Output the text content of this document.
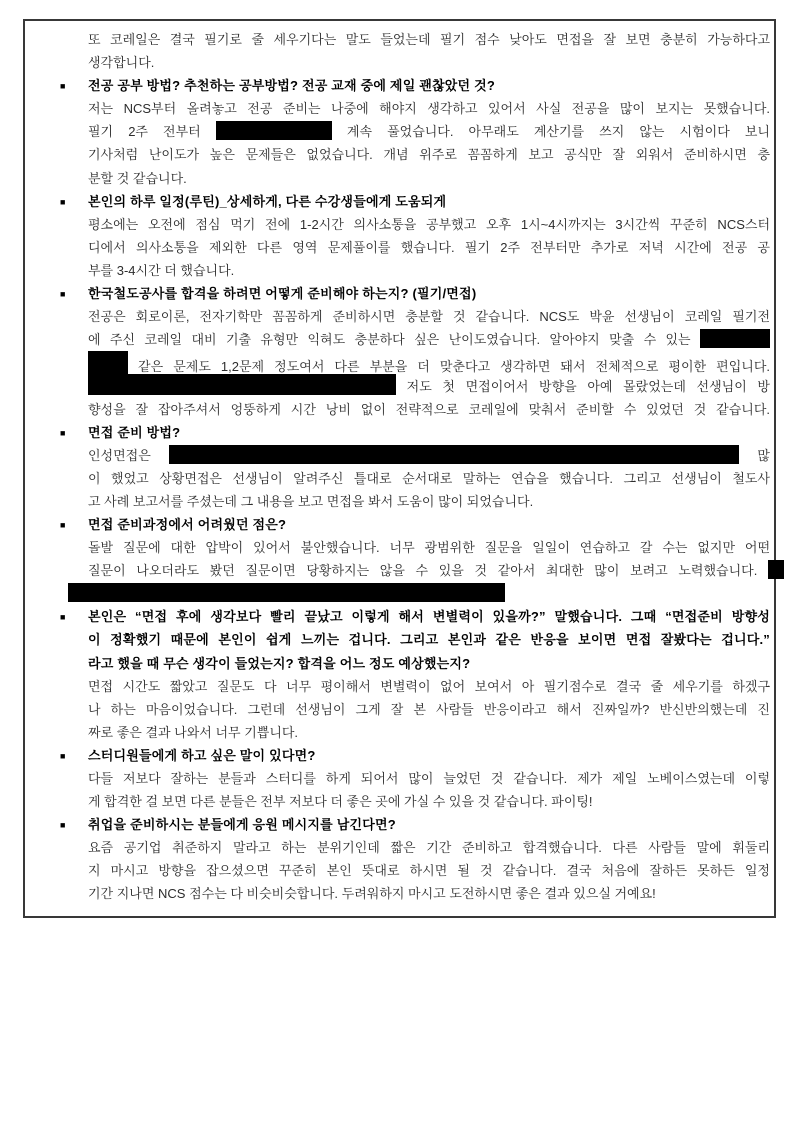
또 코레일은 결국 필기로 줄 세우기다는 말도 들었는데 필기 점수 낮아도 면접을 잘 보면 충분히 가능하다고
생각합니다.
■ 전공 공부 방법? 추천하는 공부방법? 전공 교재 중에 제일 괜찮았던 것?
저는 NCS부터 올려놓고 전공 준비는 나중에 해야지 생각하고 있어서 사실 전공을 많이 보지는 못했습니다.
필기 2주 전부터	계속 풀었습니다. 아무래도 계산기를 쓰지 않는 시험이다 보니
기사처럼 난이도가 높은 문제들은 없었습니다. 개념 위주로 꼼꼼하게 보고 공식만 잘 외워서 준비하시면 충
분할 것 같습니다.
■ 본인의 하루 일정(루틴)_상세하게, 다른 수강생들에게 도움되게
평소에는 오전에 점심 먹기 전에 1-2시간 의사소통을 공부했고 오후 1시~4시까지는 3시간씩 꾸준히 NCS스터
디에서 의사소통을 제외한 다른 영역 문제풀이를 했습니다. 필기 2주 전부터만 추가로 저녁 시간에 전공 공
부를 3-4시간 더 했습니다.
■ 한국철도공사를 합격을 하려면 어떻게 준비해야 하는지? (필기/면접)
전공은 회로이론, 전자기학만 꼼꼼하게 준비하시면 충분할 것 같습니다. NCS도 박윤 선생님이 코레일 필기전
에 주신 코레일 대비 기출 유형만 익혀도 충분하다 싶은 난이도였습니다. 알아야지 맞출 수 있는
같은 문제도 1,2문제 정도여서 다른 부분을 더 맞춘다고 생각하면 돼서 전체적으로 평이한 편입니다.
저도 첫 면접이어서 방향을 아예 몰랐었는데 선생님이 방
향성을 잘 잡아주셔서 엉뚱하게 시간 낭비 없이 전략적으로 코레일에 맞춰서 준비할 수 있었던 것 같습니다.
■ 면접 준비 방법?
인성면접은	많
이 했었고 상황면접은 선생님이 알려주신 틀대로 순서대로 말하는 연습을 했습니다. 그리고 선생님이 철도사
고 사례 보고서를 주셨는데 그 내용을 보고 면접을 봐서 도움이 많이 되었습니다.
■ 면접 준비과정에서 어려웠던 점은?
돌발 질문에 대한 압박이 있어서 불안했습니다. 너무 광범위한 질문을 일일이 연습하고 갈 수는 없지만 어떤
질문이 나오더라도 봤던 질문이면 당황하지는 않을 수 있을 것 같아서 최대한 많이 보려고 노력했습니다.
■ 본인은 “면접 후에 생각보다 빨리 끝났고 이렇게 해서 변별력이 있을까?” 말했습니다. 그때 “면접준비 방향성
이 정확했기 때문에 본인이 쉽게 느끼는 겁니다. 그리고 본인과 같은 반응을 보이면 면접 잘봤다는 겁니다.”
라고 했을 때 무슨 생각이 들었는지? 합격을 어느 정도 예상했는지?
면접 시간도 짧았고 질문도 다 너무 평이해서 변별력이 없어 보여서 아 필기점수로 결국 줄 세우기를 하겠구
나 하는 마음이었습니다. 그런데 선생님이 그게 잘 본 사람들 반응이라고 해서 진짜일까? 반신반의했는데 진
짜로 좋은 결과 나와서 너무 기쁩니다.
■ 스터디원들에게 하고 싶은 말이 있다면?
다들 저보다 잘하는 분들과 스터디를 하게 되어서 많이 늘었던 것 같습니다. 제가 제일 노베이스였는데 이렇
게 합격한 걸 보면 다른 분들은 전부 저보다 더 좋은 곳에 가실 수 있을 것 같습니다. 파이팅!
■ 취업을 준비하시는 분들에게 응원 메시지를 남긴다면?
요즘 공기업 취준하지 말라고 하는 분위기인데 짧은 기간 준비하고 합격했습니다. 다른 사람들 말에 휘둘리
지 마시고 방향을 잡으셨으면 꾸준히 본인 뜻대로 하시면 될 것 같습니다. 결국 처음에 잘하든 못하든 일정
기간 지나면 NCS 점수는 다 비슷비슷합니다. 두려워하지 마시고 도전하시면 좋은 결과 있으실 거예요!
